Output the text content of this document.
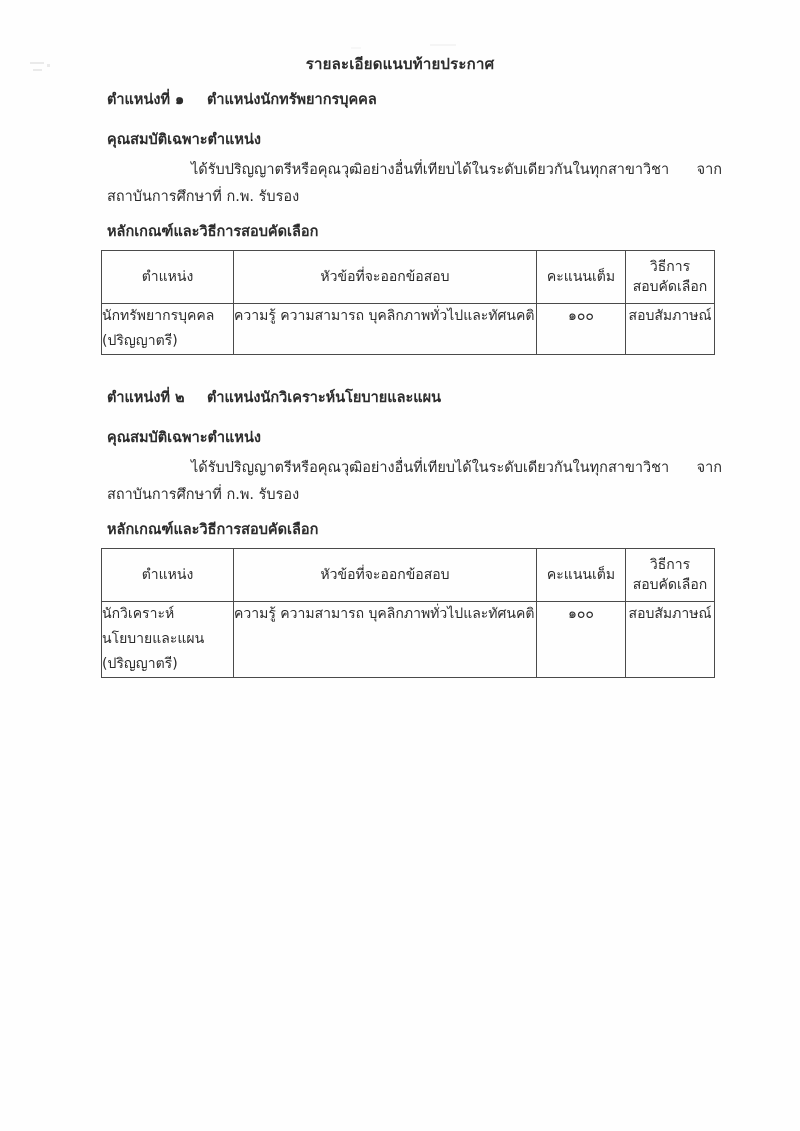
รายละเอียดแนบท้ายประกาศ
ตำแหน่งที่ ๑ ตำแหน่งนักทรัพยากรบุคคล
คุณสมบัติเฉพาะตำแหน่ง
ได้รับปริญญาตรีหรือคุณวุฒิอย่างอื่นที่เทียบได้ในระดับเดียวกันในทุกสาขาวิชา จากสถาบันการศึกษาที่ ก.พ. รับรอง
หลักเกณฑ์และวิธีการสอบคัดเลือก
ตำแหน่ง	หัวข้อที่จะออกข้อสอบ	คะแนนเต็ม	วิธีการ
สอบคัดเลือก

นักทรัพยากรบุคคล
(ปริญญาตรี)	ความรู้ ความสามารถ บุคลิกภาพทั่วไปและทัศนคติ	๑๐๐	สอบสัมภาษณ์
ตำแหน่งที่ ๒ ตำแหน่งนักวิเคราะห์นโยบายและแผน
คุณสมบัติเฉพาะตำแหน่ง
ได้รับปริญญาตรีหรือคุณวุฒิอย่างอื่นที่เทียบได้ในระดับเดียวกันในทุกสาขาวิชา จากสถาบันการศึกษาที่ ก.พ. รับรอง
หลักเกณฑ์และวิธีการสอบคัดเลือก
ตำแหน่ง	หัวข้อที่จะออกข้อสอบ	คะแนนเต็ม	วิธีการ
สอบคัดเลือก

นักวิเคราะห์
นโยบายและแผน
(ปริญญาตรี)	ความรู้ ความสามารถ บุคลิกภาพทั่วไปและทัศนคติ	๑๐๐	สอบสัมภาษณ์
